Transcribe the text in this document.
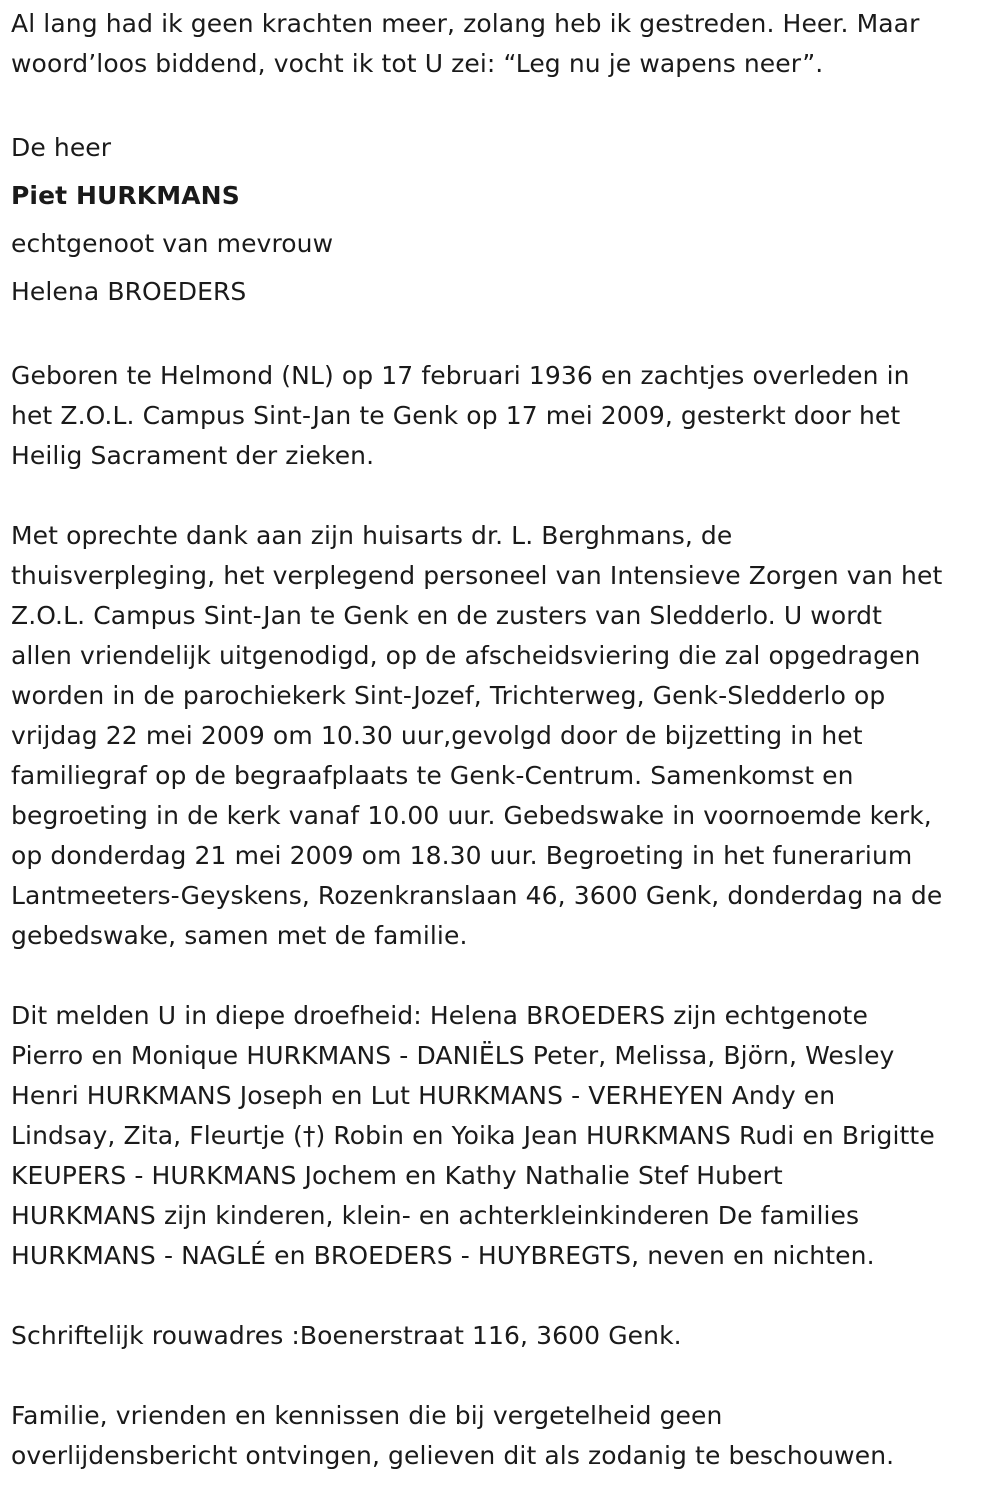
Al lang had ik geen krachten meer, zolang heb ik gestreden. Heer. Maar
woord’loos biddend, vocht ik tot U zei: “Leg nu je wapens neer”.

De heer
Piet HURKMANS
echtgenoot van mevrouw
Helena BROEDERS

Geboren te Helmond (NL) op 17 februari 1936 en zachtjes overleden in
het Z.O.L. Campus Sint-Jan te Genk op 17 mei 2009, gesterkt door het
Heilig Sacrament der zieken.

Met oprechte dank aan zijn huisarts dr. L. Berghmans, de
thuisverpleging, het verplegend personeel van Intensieve Zorgen van het
Z.O.L. Campus Sint-Jan te Genk en de zusters van Sledderlo. U wordt
allen vriendelijk uitgenodigd, op de afscheidsviering die zal opgedragen
worden in de parochiekerk Sint-Jozef, Trichterweg, Genk-Sledderlo op
vrijdag 22 mei 2009 om 10.30 uur,gevolgd door de bijzetting in het
familiegraf op de begraafplaats te Genk-Centrum. Samenkomst en
begroeting in de kerk vanaf 10.00 uur. Gebedswake in voornoemde kerk,
op donderdag 21 mei 2009 om 18.30 uur. Begroeting in het funerarium
Lantmeeters-Geyskens, Rozenkranslaan 46, 3600 Genk, donderdag na de
gebedswake, samen met de familie.

Dit melden U in diepe droefheid: Helena BROEDERS zijn echtgenote
Pierro en Monique HURKMANS - DANIËLS Peter, Melissa, Björn, Wesley
Henri HURKMANS Joseph en Lut HURKMANS - VERHEYEN Andy en
Lindsay, Zita, Fleurtje (†) Robin en Yoika Jean HURKMANS Rudi en Brigitte
KEUPERS - HURKMANS Jochem en Kathy Nathalie Stef Hubert
HURKMANS zijn kinderen, klein- en achterkleinkinderen De families
HURKMANS - NAGLÉ en BROEDERS - HUYBREGTS, neven en nichten.

Schriftelijk rouwadres :Boenerstraat 116, 3600 Genk.

Familie, vrienden en kennissen die bij vergetelheid geen
overlijdensbericht ontvingen, gelieven dit als zodanig te beschouwen.
